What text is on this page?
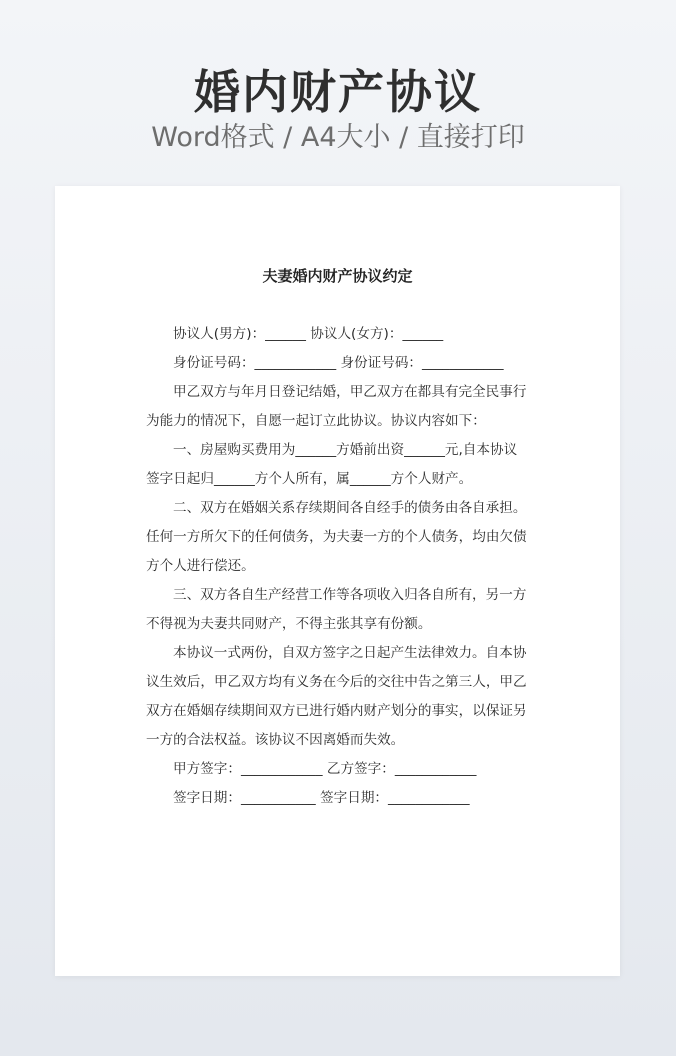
婚内财产协议
Word格式 / A4大小 / 直接打印
夫妻婚内财产协议约定
协议人(男方)：______ 协议人(女方)：______
身份证号码：____________ 身份证号码：____________
甲乙双方与年月日登记结婚，甲乙双方在都具有完全民事行
为能力的情况下，自愿一起订立此协议。协议内容如下：
一、房屋购买费用为______方婚前出资______元,自本协议
签字日起归______方个人所有，属______方个人财产。
二、双方在婚姻关系存续期间各自经手的债务由各自承担。
任何一方所欠下的任何债务，为夫妻一方的个人债务，均由欠债
方个人进行偿还。
三、双方各自生产经营工作等各项收入归各自所有，另一方
不得视为夫妻共同财产，不得主张其享有份额。
本协议一式两份，自双方签字之日起产生法律效力。自本协
议生效后，甲乙双方均有义务在今后的交往中告之第三人，甲乙
双方在婚姻存续期间双方已进行婚内财产划分的事实，以保证另
一方的合法权益。该协议不因离婚而失效。
甲方签字：____________ 乙方签字：____________
签字日期：___________ 签字日期：____________
